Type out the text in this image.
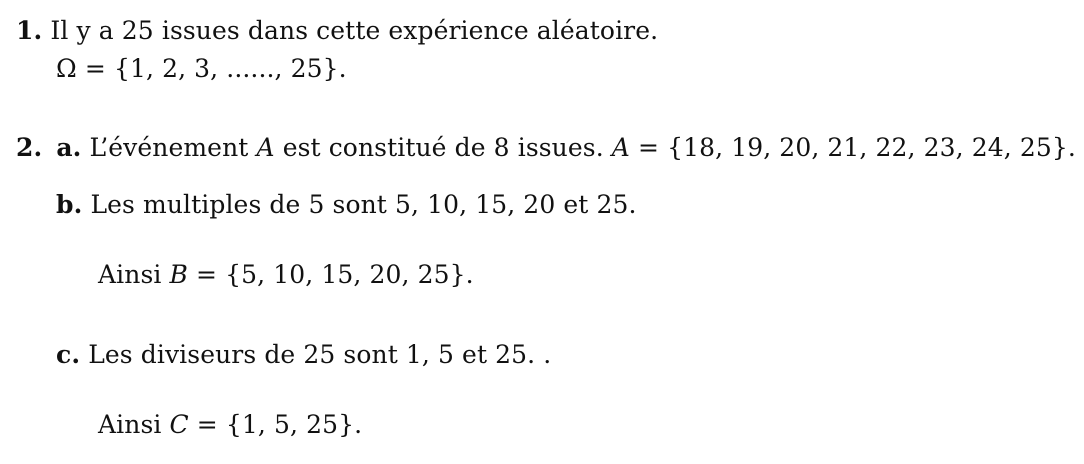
1. Il y a 25 issues dans cette expérience aléatoire.
Ω = {1, 2, 3, ......, 25}.
2. a. L’événement A est constitué de 8 issues. A = {18, 19, 20, 21, 22, 23, 24, 25}.
b. Les multiples de 5 sont 5, 10, 15, 20 et 25.
Ainsi B = {5, 10, 15, 20, 25}.
c. Les diviseurs de 25 sont 1, 5 et 25. .
Ainsi C = {1, 5, 25}.
